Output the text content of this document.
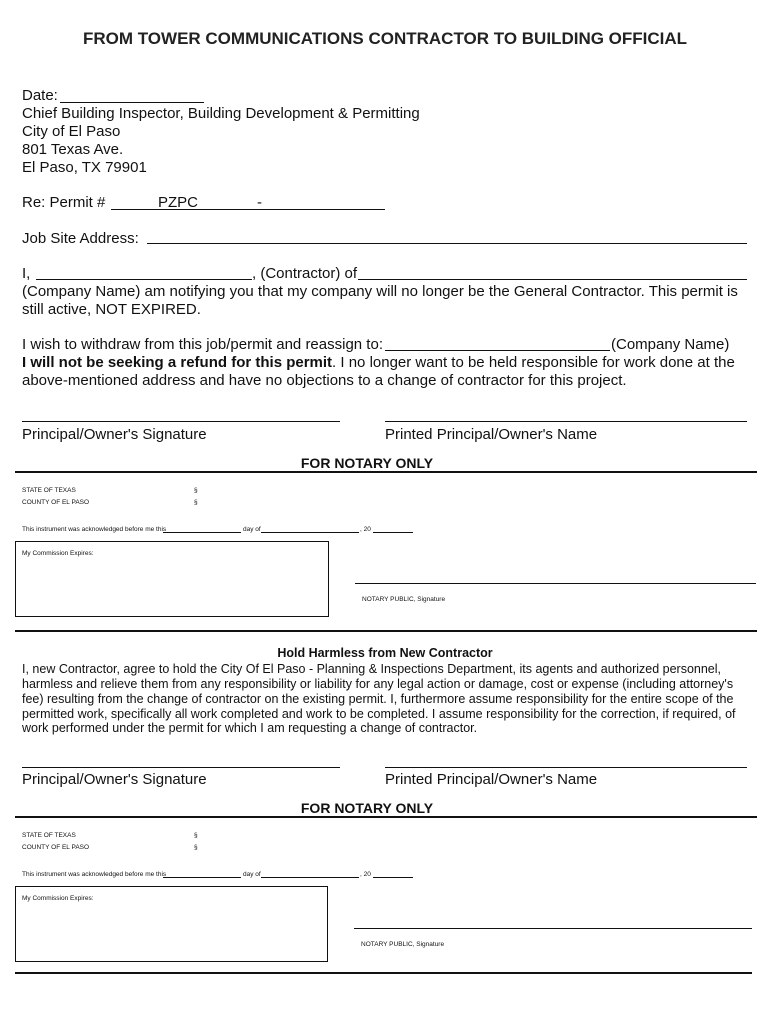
FROM TOWER COMMUNICATIONS CONTRACTOR TO BUILDING OFFICIAL
Date:
Chief Building Inspector, Building Development & Permitting
City of El Paso
801 Texas Ave.
El Paso, TX 79901
Re: Permit #	PZPC	-
Job Site Address:
I,	, (Contractor) of
(Company Name) am notifying you that my company will no longer be the General Contractor. This permit is
still active, NOT EXPIRED.
I wish to withdraw from this job/permit and reassign to:	(Company Name)
I will not be seeking a refund for this permit. I no longer want to be held responsible for work done at the
above-mentioned address and have no objections to a change of contractor for this project.
Principal/Owner's Signature	Printed Principal/Owner's Name
FOR NOTARY ONLY
STATE OF TEXAS	§
COUNTY OF EL PASO	§
This instrument was acknowledged before me this	day of	, 20
My Commission Expires:
NOTARY PUBLIC, Signature
Hold Harmless from New Contractor
I, new Contractor, agree to hold the City Of El Paso - Planning & Inspections Department, its agents and authorized personnel,
harmless and relieve them from any responsibility or liability for any legal action or damage, cost or expense (including attorney's
fee) resulting from the change of contractor on the existing permit. I, furthermore assume responsibility for the entire scope of the
permitted work, specifically all work completed and work to be completed. I assume responsibility for the correction, if required, of
work performed under the permit for which I am requesting a change of contractor.
Principal/Owner's Signature	Printed Principal/Owner's Name
FOR NOTARY ONLY
STATE OF TEXAS	§
COUNTY OF EL PASO	§
This instrument was acknowledged before me this	day of	, 20
My Commission Expires:
NOTARY PUBLIC, Signature
